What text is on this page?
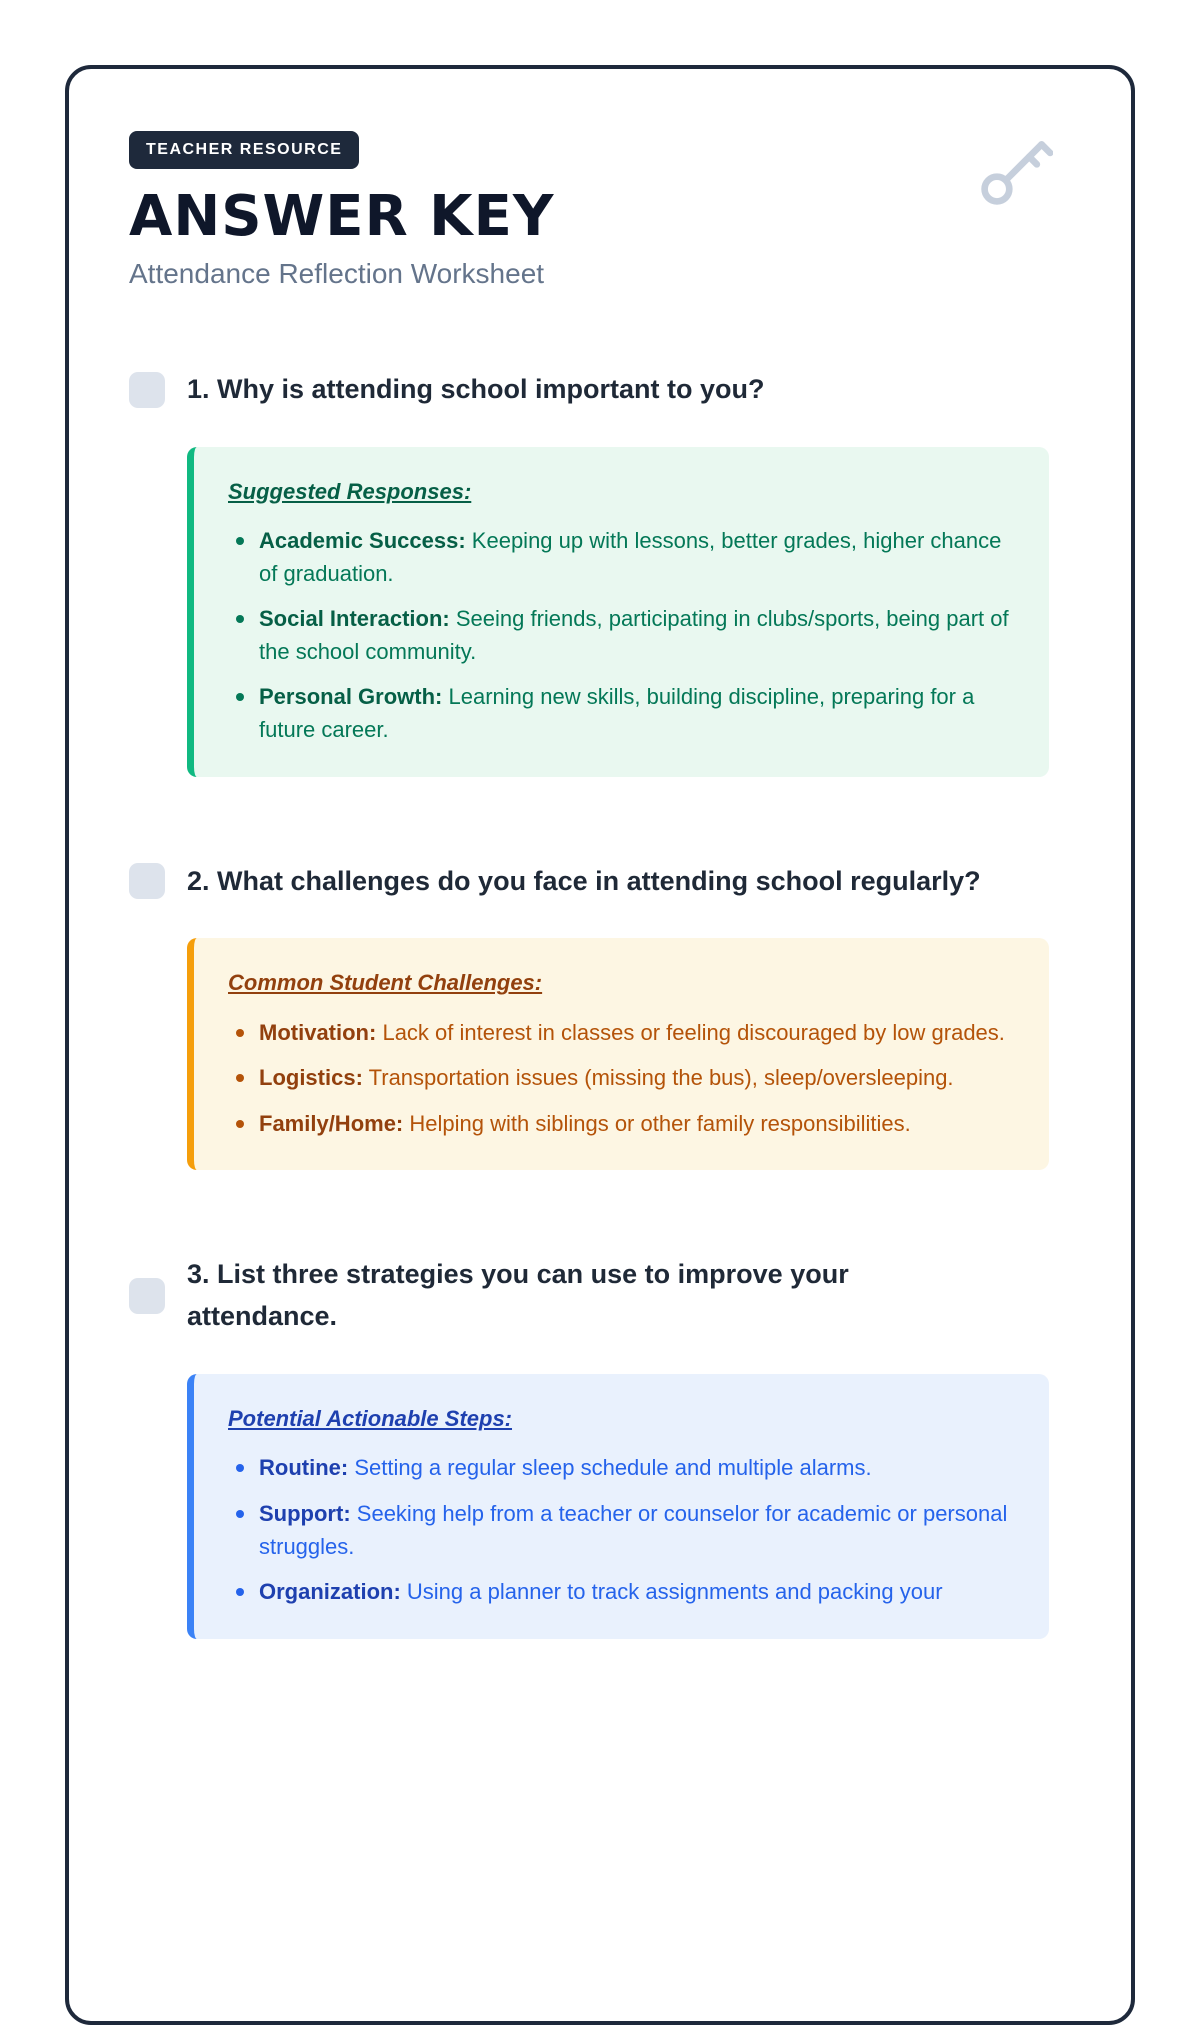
TEACHER RESOURCE
ANSWER KEY
Attendance Reflection Worksheet
1. Why is attending school important to you?
Suggested Responses:
Academic Success: Keeping up with lessons, better grades, higher chance of graduation.
Social Interaction: Seeing friends, participating in clubs/sports, being part of the school community.
Personal Growth: Learning new skills, building discipline, preparing for a future career.
2. What challenges do you face in attending school regularly?
Common Student Challenges:
Motivation: Lack of interest in classes or feeling discouraged by low grades.
Logistics: Transportation issues (missing the bus), sleep/oversleeping.
Family/Home: Helping with siblings or other family responsibilities.
3. List three strategies you can use to improve your attendance.
Potential Actionable Steps:
Routine: Setting a regular sleep schedule and multiple alarms.
Support: Seeking help from a teacher or counselor for academic or personal struggles.
Organization: Using a planner to track assignments and packing your
